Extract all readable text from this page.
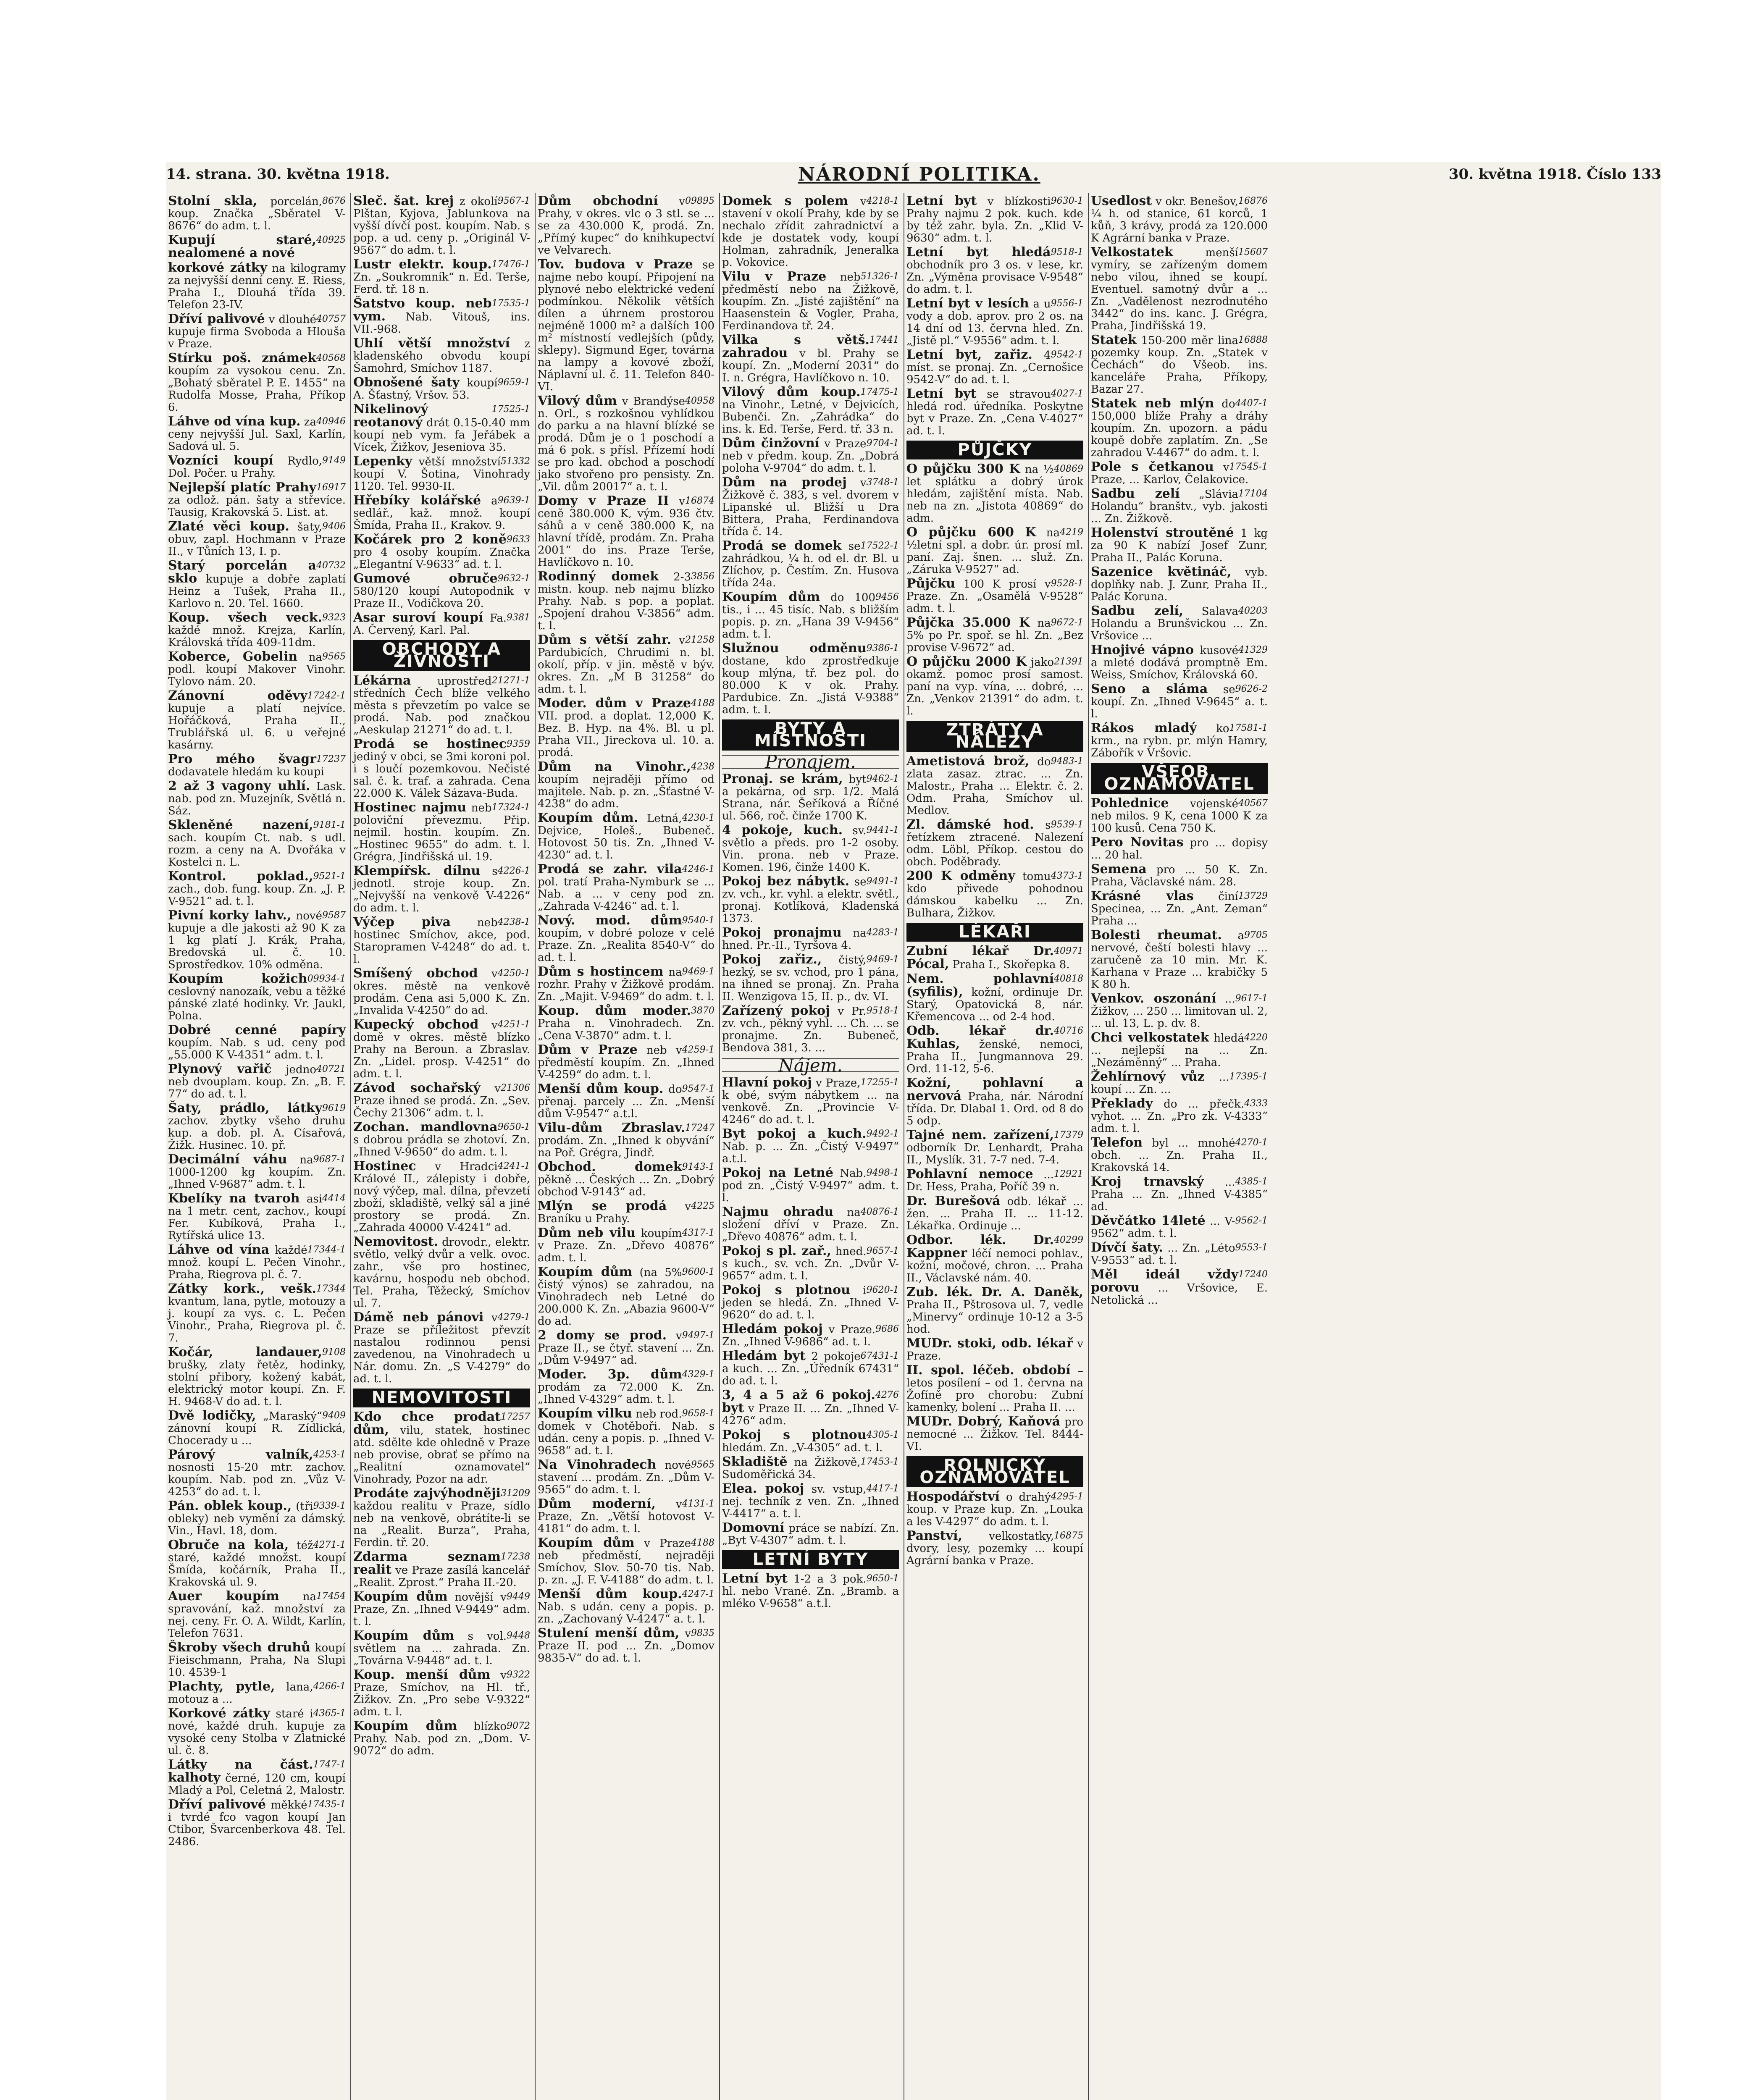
14. strana. 30. května 1918.	NÁRODNÍ POLITIKA.	30. května 1918. Číslo 133
8676
Stolní skla, porcelán, koup. Značka „Sběratel V-8676“ do adm. t. l.
40925
Kupují staré, nealomené a nové
korkové zátky na kilogramy za nejvyšší denní ceny. E. Riess, Praha I., Dlouhá třída 39. Telefon 23-IV.
40757
Dříví palivové v dlouhé kupuje firma Svoboda a Hlouša v Praze.
40568
Stírku poš. známek koupím za vysokou cenu. Zn. „Bohatý sběratel P. E. 1455“ na Rudolfa Mosse, Praha, Příkop 6.
40946
Láhve od vína kup. za ceny nejvyšší Jul. Saxl, Karlín, Sadová ul. 5.
9149
Vozníci koupí Rydlo, Dol. Počer. u Prahy.
16917
Nejlepší platíc Prahy za odlož. pán. šaty a střevíce. Tausig, Krakovská 5. List. at.
9406
Zlaté věci koup. šaty, obuv, zapl. Hochmann v Praze II., v Tůních 13, I. p.
40732
Starý porcelán a sklo kupuje a dobře zaplatí Heinz a Tušek, Praha II., Karlovo n. 20. Tel. 1660.
9323
Koup. všech veck. každé množ. Krejza, Karlín, Královská třída 409-11dm.
9565
Koberce, Gobelin na podl. koupí Makover Vinohr. Tylovo nám. 20.
17242-1
Zánovní oděvy kupuje a platí nejvíce. Hořáčková, Praha II., Trublářská ul. 6. u veřejné kasárny.
17237
Pro mého švagr dodavatele hledám ku koupi
2 až 3 vagony uhlí. Lask. nab. pod zn. Muzejník, Světlá n. Sáz.
9181-1
Skleněné nazení, sach. koupím Ct. nab. s udl. rozm. a ceny na A. Dvořáka v Kostelci n. L.
9521-1
Kontrol. poklad., zach., dob. fung. koup. Zn. „J. P. V-9521“ ad. t. l.
9587
Pivní korky lahv., nové kupuje a dle jakosti až 90 K za 1 kg platí J. Krák, Praha, Bredovská ul. č. 10. Sprostředkov. 10% odměna.
09934-1
Koupím kožich ceslovný nanozaík, vebu a těžké pánské zlaté hodinky. Vr. Jaukl, Polna.
Dobré cenné papíry koupím. Nab. s ud. ceny pod „55.000 K V-4351“ adm. t. l.
40721
Plynový vařič jedno neb dvouplam. koup. Zn. „B. F. 77“ do ad. t. l.
9619
Šaty, prádlo, látky zachov. zbytky všeho druhu kup. a dob. pl. A. Císařová, Žižk. Husinec. 10. př.
9687-1
Decimální váhu na 1000-1200 kg koupím. Zn. „Ihned V-9687“ adm. t. l.
4414
Kbelíky na tvaroh asi na 1 metr. cent, zachov., koupí Fer. Kubíková, Praha I., Rytířská ulice 13.
17344-1
Láhve od vína každé množ. koupí L. Pečen Vinohr., Praha, Riegrova pl. č. 7.
17344
Zátky kork., vešk. kvantum, lana, pytle, motouzy a j. koupí za vys. c. L. Pečen Vinohr., Praha, Riegrova pl. č. 7.
9108
Kočár, landauer, brušky, zlaty řetěz, hodinky, stolní přibory, kožený kabát, elektrický motor koupí. Zn. F. H. 9468-V do ad. t. l.
9409
Dvě lodičky, „Maraský“ zánovní koupí R. Zídlická, Chocerady u ...
4253-1
Párový valník, nosnosti 15-20 mtr. zachov. koupím. Nab. pod zn. „Vůz V-4253“ do ad. t. l.
9339-1
Pán. oblek koup., (tři obleky) neb vymění za dámský. Vin., Havl. 18, dom.
4271-1
Obruče na kola, též staré, každé množst. koupí Šmída, kočárník, Praha II., Krakovská ul. 9.
17454
Auer koupím na spravování, kaž. množství za nej. ceny. Fr. O. A. Wildt, Karlín, Telefon 7631.
Škroby všech druhů koupí Fieischmann, Praha, Na Slupi 10. 4539-1
4266-1
Plachty, pytle, lana, motouz a ...
4365-1
Korkové zátky staré i nové, každé druh. kupuje za vysoké ceny Stolba v Zlatnické ul. č. 8.
1747-1
Látky na část. kalhoty černé, 120 cm, koupí Mladý a Pol, Celetná 2, Malostr.
17435-1
Dříví palivové měkké i tvrdé fco vagon koupí Jan Ctibor, Švarcenberkova 48. Tel. 2486.
9567-1
Sleč. šat. krej z okolí Plštan, Kyjova, Jablunkova na vyšší dívčí post. koupím. Nab. s pop. a ud. ceny p. „Originál V-9567“ do adm. t. l.
17476-1
Lustr elektr. koup. Zn. „Soukromník“ n. Ed. Terše, Ferd. tř. 18 n.
17535-1
Šatstvo koup. neb vym. Nab. Vitouš, ins. VII.-968.
Uhlí větší množství z kladenského obvodu koupí Šamohrd, Smíchov 1187.
9659-1
Obnošené šaty koupí A. Šťastný, Vršov. 53.
17525-1
Nikelinový reotanový drát 0.15-0.40 mm koupí neb vym. fa Jeřábek a Vícek, Žižkov, Jeseniova 35.
51332
Lepenky větší množství koupí V. Šotina, Vinohrady 1120. Tel. 9930-II.
9639-1
Hřebíky kolářské a sedlář., kaž. množ. koupí Šmída, Praha II., Krakov. 9.
9633
Kočárek pro 2 koně pro 4 osoby koupím. Značka „Elegantní V-9633“ ad. t. l.
9632-1
Gumové obruče 580/120 koupí Autopodnik v Praze II., Vodičkova 20.
9381
Asar suroví koupí Fa. A. Červený, Karl. Pal.
OBCHODY A ŽIVNOSTI
21271-1
Lékárna uprostřed středních Čech blíže velkého města s převzetím po valce se prodá. Nab. pod značkou „Aeskulap 21271“ do ad. t. l.
9359
Prodá se hostinec jediný v obci, se 3mi koroni pol. i s loučí pozemkovou. Nečisté sal. č. k. traf. a zahrada. Cena 22.000 K. Válek Sázava-Buda.
17324-1
Hostinec najmu neb poloviční převezmu. Přip. nejmil. hostin. koupím. Zn. „Hostinec 9655“ do adm. t. l. Grégra, Jindřišská ul. 19.
4226-1
Klempířsk. dílnu s jednotl. stroje koup. Zn. „Nejvyšší na venkově V-4226“ do adm. t. l.
4238-1
Výčep piva neb hostinec Smíchov, akce, pod. Staropramen V-4248“ do ad. t. l.
4250-1
Smíšený obchod v okres. městě na venkově prodám. Cena asi 5,000 K. Zn. „Invalida V-4250“ do ad.
4251-1
Kupecký obchod v domě v okres. městě blízko Prahy na Beroun. a Zbraslav. Zn. „Lidel. prosp. V-4251“ do adm. t. l.
21306
Závod sochařský v Praze ihned se prodá. Zn. „Sev. Čechy 21306“ adm. t. l.
9650-1
Zochan. mandlovna s dobrou prádla se zhotoví. Zn. „Ihned V-9650“ do adm. t. l.
4241-1
Hostinec v Hradci Králové II., zálepisty i dobře, nový výčep, mal. dílna, převzetí zboží, skladiště, velký sál a jiné prostory se prodá. Zn. „Zahrada 40000 V-4241“ ad.
Nemovitost. drovodr., elektr. světlo, velký dvůr a velk. ovoc. zahr., vše pro hostinec, kavárnu, hospodu neb obchod. Tel. Praha, Těžecký, Smíchov ul. 7.
4279-1
Dámě neb pánovi v Praze se příležitost převzít nastalou rodinnou pensi zavedenou, na Vinohradech u Nár. domu. Zn. „S V-4279“ do ad. t. l.
NEMOVITOSTI
17257
Kdo chce prodat dům, vilu, statek, hostinec atd. sdělte kde ohledně v Praze neb provise, obrať se přímo na „Realitní oznamovatel“ Vinohrady, Pozor na adr.
31209
Prodáte zajvýhodněji každou realitu v Praze, sídlo neb na venkově, obrátíte-li se na „Realit. Burza“, Praha, Ferdin. tř. 20.
17238
Zdarma seznam realit ve Praze zasílá kancelář „Realit. Zprost.“ Praha II.-20.
9449
Koupím dům novější v Praze, Zn. „Ihned V-9449“ adm. t. l.
9448
Koupím dům s vol. světlem na ... zahrada. Zn. „Továrna V-9448“ ad. t. l.
9322
Koup. menší dům v Praze, Smíchov, na Hl. tř., Žižkov. Zn. „Pro sebe V-9322“ adm. t. l.
9072
Koupím dům blízko Prahy. Nab. pod zn. „Dom. V-9072“ do adm.
09895
Dům obchodní v Prahy, v okres. vlc o 3 stl. se ... se za 430.000 K, prodá. Zn. „Přímý kupec“ do knihkupectví ve Velvarech.
Tov. budova v Praze se najme nebo koupí. Připojení na plynové nebo elektrické vedení podmínkou. Několik větších dílen a úhrnem prostorou nejméně 1000 m² a dalších 100 m² místností vedlejších (půdy, sklepy). Sigmund Eger, továrna na lampy a kovové zboží, Náplavní ul. č. 11. Telefon 840-VI.
40958
Vilový dům v Brandýse n. Orl., s rozkošnou vyhlídkou do parku a na hlavní blízké se prodá. Dům je o 1 poschodí a má 6 pok. s přísl. Přízemí hodí se pro kad. obchod a poschodí jako stvořeno pro pensisty. Zn. „Vil. dům 20017“ a. t. l.
16874
Domy v Praze II v ceně 380.000 K, vým. 936 čtv. sáhů a v ceně 380.000 K, na hlavní třídě, prodám. Zn. Praha 2001“ do ins. Praze Terše, Havlíčkovo n. 10.
3856
Rodinný domek 2-3 mistn. koup. neb najmu blízko Prahy. Nab. s pop. a poplat. „Spojení drahou V-3856“ adm. t. l.
21258
Dům s větší zahr. v Pardubicích, Chrudimi n. bl. okolí, příp. v jin. městě v býv. okres. Zn. „M B 31258“ do adm. t. l.
4188
Moder. dům v Praze VII. prod. a doplat. 12,000 K. Bez. B. Hyp. na 4%. Bl. u pl. Praha VII., Jireckova ul. 10. a. prodá.
4238
Dům na Vinohr., koupím nejraději přímo od majitele. Nab. p. zn. „Šťastné V-4238“ do adm.
4230-1
Koupím dům. Letná, Dejvice, Holeš., Bubeneč. Hotovost 50 tis. Zn. „Ihned V-4230“ ad. t. l.
4246-1
Prodá se zahr. vila pol. tratí Praha-Nymburk se ... Nab. a ... v ceny pod zn. „Zahrada V-4246“ ad. t. l.
9540-1
Nový. mod. dům koupím, v dobré poloze v celé Praze. Zn. „Realita 8540-V“ do ad. t. l.
9469-1
Dům s hostincem na rozhr. Prahy v Žižkově prodám. Zn. „Majit. V-9469“ do adm. t. l.
3870
Koup. dům moder. Praha n. Vinohradech. Zn. „Cena V-3870“ adm. t. l.
4259-1
Dům v Praze neb v předměstí koupím. Zn. „Ihned V-4259“ do adm. t. l.
9547-1
Menší dům koup. do přenaj. parcely ... Zn. „Menší dům V-9547“ a.t.l.
17247
Vilu-dům Zbraslav. prodám. Zn. „Ihned k obyvání“ na Poř. Grégra, Jindř.
9143-1
Obchod. domek pěkně ... Českých ... Zn. „Dobrý obchod V-9143“ ad.
4225
Mlýn se prodá v Braníku u Prahy.
4317-1
Dům neb vilu koupím v Praze. Zn. „Dřevo 40876“ adm. t. l.
9600-1
Koupím dům (na 5% čistý výnos) se zahradou, na Vinohradech neb Letné do 200.000 K. Zn. „Abazia 9600-V“ do ad.
9497-1
2 domy se prod. v Praze II., se čtyř. stavení ... Zn. „Dům V-9497“ ad.
4329-1
Moder. 3p. dům prodám za 72.000 K. Zn. „Ihned V-4329“ adm. t. l.
9658-1
Koupím vilku neb rod. domek v Chotěboři. Nab. s udán. ceny a popis. p. „Ihned V-9658“ ad. t. l.
9565
Na Vinohradech nové stavení ... prodám. Zn. „Dům V-9565“ do adm. t. l.
4131-1
Dům moderní, v Praze, Zn. „Větší hotovost V-4181“ do adm. t. l.
4188
Koupím dům v Praze neb předměstí, nejraději Smíchov, Slov. 50-70 tis. Nab. p. zn. „J. F. V-4188“ do adm. t. l.
4247-1
Menší dům koup. Nab. s udán. ceny a popis. p. zn. „Zachovaný V-4247“ a. t. l.
9835
Stulení menší dům, v Praze II. pod ... Zn. „Domov 9835-V“ do ad. t. l.
4218-1
Domek s polem v stavení v okolí Prahy, kde by se nechalo zřídit zahradnictví a kde je dostatek vody, koupí Holman, zahradník, Jeneralka p. Vokovice.
51326-1
Vilu v Praze neb předměstí nebo na Žižkově, koupím. Zn. „Jisté zajištění“ na Haasenstein & Vogler, Praha, Ferdinandova tř. 24.
17441
Vilka s větš. zahradou v bl. Prahy se koupí. Zn. „Moderní 2031“ do I. n. Grégra, Havlíčkovo n. 10.
17475-1
Vilový dům koup. na Vinohr., Letné, v Dejvicích, Bubenči. Zn. „Zahrádka“ do ins. k. Ed. Terše, Ferd. tř. 33 n.
9704-1
Dům činžovní v Praze neb v předm. koup. Zn. „Dobrá poloha V-9704“ do adm. t. l.
3748-1
Dům na prodej v Žižkově č. 383, s vel. dvorem v Lipanské ul. Bližší u Dra Bittera, Praha, Ferdinandova třída č. 14.
17522-1
Prodá se domek se zahrádkou, ¼ h. od el. dr. Bl. u Zlíchov, p. Čestím. Zn. Husova třída 24a.
9456
Koupím dům do 100 tis., i ... 45 tisíc. Nab. s bližším popis. p. zn. „Hana 39 V-9456“ adm. t. l.
9386-1
Služnou odměnu dostane, kdo zprostředkuje koup mlýna, tř. bez pol. do 80.000 K v ok. Prahy. Pardubice. Zn. „Jistá V-9388“ adm. t. l.
BYTY A MÍSTNOSTI
Pronajem.
9462-1
Pronaj. se krám, byt a pekárna, od srp. 1/2. Malá Strana, nár. Šeříková a Říčné ul. 566, roč. činže 1700 K.
9441-1
4 pokoje, kuch. sv. světlo a předs. pro 1-2 osoby. Vin. prona. neb v Praze. Komen. 196, činže 1400 K.
9491-1
Pokoj bez nábytk. se zv. vch., kr. vyhl. a elektr. světl., pronaj. Kotlíková, Kladenská 1373.
4283-1
Pokoj pronajmu na hned. Pr.-II., Tyršova 4.
9469-1
Pokoj zařiz., čistý, hezký, se sv. vchod, pro 1 pána, na ihned se pronaj. Zn. Praha II. Wenzigova 15, II. p., dv. VI.
9518-1
Zařízený pokoj v Pr. zv. vch., pěkný vyhl. ... Ch. ... se pronajme. Zn. Bubeneč, Bendova 381, 3. ...
Nájem.
17255-1
Hlavní pokoj v Praze, k obé, svým nábytkem ... na venkově. Zn. „Provincie V-4246“ do ad. t. l.
9492-1
Byt pokoj a kuch. Nab. p. ... Zn. „Čistý V-9497“ a.t.l.
9498-1
Pokoj na Letné Nab. pod zn. „Čistý V-9497“ adm. t. l.
40876-1
Najmu ohradu na složení dříví v Praze. Zn. „Dřevo 40876“ adm. t. l.
9657-1
Pokoj s pl. zař., hned. s kuch., sv. vch. Zn. „Dvůr V-9657“ adm. t. l.
9620-1
Pokoj s plotnou i jeden se hledá. Zn. „Ihned V-9620“ do ad. t. l.
9686
Hledám pokoj v Praze. Zn. „Ihned V-9686“ ad. t. l.
67431-1
Hledám byt 2 pokoje a kuch. ... Zn. „Úředník 67431“ do ad. t. l.
4276
3, 4 a 5 až 6 pokoj. byt v Praze II. ... Zn. „Ihned V-4276“ adm.
4305-1
Pokoj s plotnou hledám. Zn. „V-4305“ ad. t. l.
17453-1
Skladiště na Žižkově, Sudoměřická 34.
4417-1
Elea. pokoj sv. vstup, nej. techník z ven. Zn. „Ihned V-4417“ a. t. l.
Domovní práce se nabízí. Zn. „Byt V-4307“ adm. t. l.
LETNÍ BYTY
9650-1
Letní byt 1-2 a 3 pok. hl. nebo Vrané. Zn. „Bramb. a mléko V-9658“ a.t.l.
9630-1
Letní byt v blízkosti Prahy najmu 2 pok. kuch. kde by též zahr. byla. Zn. „Klid V-9630“ adm. t. l.
9518-1
Letní byt hledá obchodník pro 3 os. v lese, kr. Zn. „Výměna provisace V-9548“ do adm. t. l.
9556-1
Letní byt v lesích a u vody a dob. aprov. pro 2 os. na 14 dní od 13. června hled. Zn. „Jistě pl.“ V-9556“ adm. t. l.
9542-1
Letní byt, zařiz. 4 míst. se pronaj. Zn. „Cernošice 9542-V“ do ad. t. l.
4027-1
Letní byt se stravou hledá rod. úředníka. Poskytne byt v Praze. Zn. „Cena V-4027“ ad. t. l.
PŮJČKY
40869
O půjčku 300 K na ½ let splátku a dobrý úrok hledám, zajištění místa. Nab. neb na zn. „Jistota 40869“ do adm.
4219
O půjčku 600 K na ½letní spl. a dobr. úr. prosí ml. paní. Zaj. šnen. ... služ. Zn. „Záruka V-9527“ ad.
9528-1
Půjčku 100 K prosí v Praze. Zn. „Osamělá V-9528“ adm. t. l.
9672-1
Půjčka 35.000 K na 5% po Pr. spoř. se hl. Zn. „Bez provise V-9672“ ad.
21391
O půjčku 2000 K jako okamž. pomoc prosí samost. paní na vyp. vína, ... dobré, ... Zn. „Venkov 21391“ do adm. t. l.
ZTRÁTY A NÁLEZY
9483-1
Ametistová brož, do zlata zasaz. ztrac. ... Zn. Malostr., Praha ... Elektr. č. 2. Odm. Praha, Smíchov ul. Medlov.
9539-1
Zl. dámské hod. s řetízkem ztracené. Nalezení odm. Löbl, Příkop. cestou do obch. Poděbrady.
4373-1
200 K odměny tomu kdo přivede pohodnou dámskou kabelku ... Zn. Bulhara, Žižkov.
LÉKAŘI
40971
Zubní lékař Dr. Pócal, Praha I., Skořepka 8.
40818
Nem. pohlavní (syfilis), kožní, ordinuje Dr. Starý, Opatovická 8, nár. Křemencova ... od 2-4 hod.
40716
Odb. lékař dr. Kuhlas, ženské, nemoci, Praha II., Jungmannova 29. Ord. 11-12, 5-6.
Kožní, pohlavní a nervová Praha, nár. Národní třída. Dr. Dlabal 1. Ord. od 8 do 5 odp.
17379
Tajné nem. zařízení, odborník Dr. Lenhardt, Praha II., Myslík. 31. 7-7 ned. 7-4.
12921
Pohlavní nemoce ... Dr. Hess, Praha, Poříč 39 n.
Dr. Burešová odb. lékař ... žen. ... Praha II. ... 11-12. Lékařka. Ordinuje ...
40299
Odbor. lék. Dr. Kappner léčí nemoci pohlav., kožní, močové, chron. ... Praha II., Václavské nám. 40.
Zub. lék. Dr. A. Daněk, Praha II., Pštrosova ul. 7, vedle „Minervy“ ordinuje 10-12 a 3-5 hod.
MUDr. stoki, odb. lékař v Praze.
II. spol. léčeb. období – letos posílení – od 1. června na Žofíně pro chorobu: Zubní kamenky, bolení ... Praha II. ...
MUDr. Dobrý, Kaňová pro nemocné ... Žižkov. Tel. 8444-VI.
ROLNICKÝ OZNAMOVATEL
4295-1
Hospodářství o drahý koup. v Praze kup. Zn. „Louka a les V-4297“ do adm. t. l.
16875
Panství, velkostatky, dvory, lesy, pozemky ... koupí Agrární banka v Praze.
16876
Usedlost v okr. Benešov, ¼ h. od stanice, 61 korců, 1 kůň, 3 krávy, prodá za 120.000 K Agrární banka v Praze.
15607
Velkostatek	menší vymíry, se zařízeným domem nebo vilou, ihned se koupí. Eventuel. samotný dvůr a ... Zn. „Vadělenost nezrodnutého 3442“ do ins. kanc. J. Grégra, Praha, Jindřišská 19.
16888
Statek 150-200 měr lina pozemky koup. Zn. „Statek v Čechách“ do Všeob. ins. kanceláře Praha, Příkopy, Bazar 27.
4407-1
Statek neb mlýn do 150,000 blíže Prahy a dráhy koupím. Zn. upozorn. a pádu koupě dobře zaplatím. Zn. „Se zahradou V-4467“ do adm. t. l.
17545-1
Pole s četkanou v Praze, ... Karlov, Čelakovice.
17104
Sadbu zelí „Slávia Holandu“ branštv., vyb. jakosti ... Zn. Žižkově.
Holenství stroutěné 1 kg za 90 K nabízí Josef Zunr, Praha II., Palác Koruna.
Sazenice květináč, vyb. doplňky nab. J. Zunr, Praha II., Palác Koruna.
40203
Sadbu zelí, Salava Holandu a Brunšvickou ... Zn. Vršovice ...
41329
Hnojivé vápno kusové a mleté dodává promptně Em. Weiss, Smíchov, Královská 60.
9626-2
Seno a sláma se koupí. Zn. „Ihned V-9645“ a. t. l.
17581-1
Rákos mladý ko krm., na rybn. pr. mlýn Hamry, Zábořík v Vršovic.
VŠEOB. OZNAMOVATEL
40567
Pohlednice vojenské neb milos. 9 K, cena 1000 K za 100 kusů. Cena 750 K.
Pero Novitas pro ... dopisy ... 20 hal.
Semena pro ... 50 K. Zn. Praha, Václavské nám. 28.
13729
Krásné vlas činí Specinea, ... Zn. „Ant. Zeman“ Praha ...
9705
Bolesti rheumat. a nervové, čeští bolesti hlavy ... zaručeně za 10 min. Mr. K. Karhana v Praze ... krabičky 5 K 80 h.
9617-1
Venkov. oszonání ... Žižkov, ... 250 ... limitovan ul. 2, ... ul. 13, L. p. dv. 8.
4220
Chci velkostatek hledá ... nejlepší na ... Zn. „Nezáměnný“ ... Praha.
17395-1
Žehlírnový vůz ... koupí ... Zn. ...
4333
Překlady do ... přečk. vyhot. ... Zn. „Pro zk. V-4333“ adm. t. l.
4270-1
Telefon byl ... mnohé obch. ... Zn. Praha II., Krakovská 14.
4385-1
Kroj trnavský ... Praha ... Zn. „Ihned V-4385“ ad.
9562-1
Děvčátko 14leté ... V-9562“ adm. t. l.
9553-1
Dívčí šaty. ... Zn. „Léto V-9553“ ad. t. l.
17240
Měl ideál vždy porovu ... Vršovice, E. Netolická ...
